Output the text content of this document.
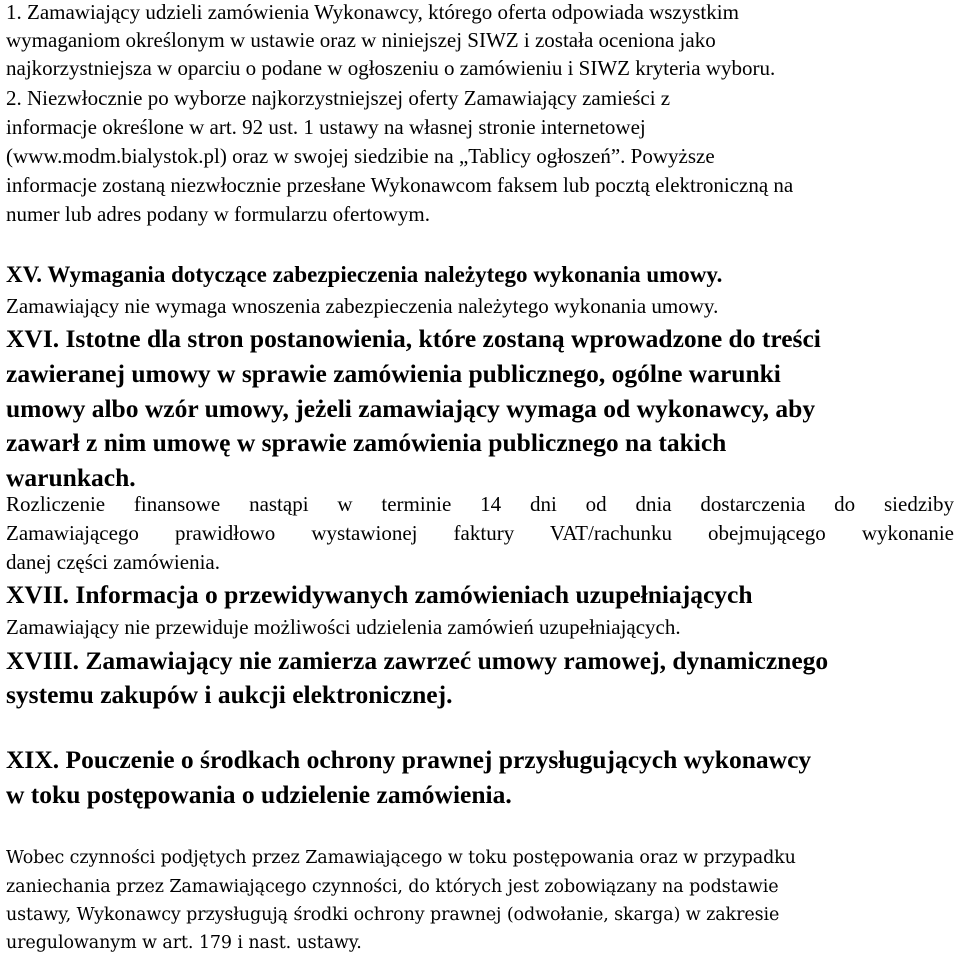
1. Zamawiający udzieli zamówienia Wykonawcy, którego oferta odpowiada wszystkim
wymaganiom określonym w ustawie oraz w niniejszej SIWZ i została oceniona jako
najkorzystniejsza w oparciu o podane w ogłoszeniu o zamówieniu i SIWZ kryteria wyboru.
2. Niezwłocznie po wyborze najkorzystniejszej oferty Zamawiający zamieści z
informacje określone w art. 92 ust. 1 ustawy na własnej stronie internetowej
(www.modm.bialystok.pl) oraz w swojej siedzibie na „Tablicy ogłoszeń”. Powyższe
informacje zostaną niezwłocznie przesłane Wykonawcom faksem lub pocztą elektroniczną na
numer lub adres podany w formularzu ofertowym.
XV. Wymagania dotyczące zabezpieczenia należytego wykonania umowy.
Zamawiający nie wymaga wnoszenia zabezpieczenia należytego wykonania umowy.
XVI. Istotne dla stron postanowienia, które zostaną wprowadzone do treści
zawieranej umowy w sprawie zamówienia publicznego, ogólne warunki
umowy albo wzór umowy, jeżeli zamawiający wymaga od wykonawcy, aby
zawarł z nim umowę w sprawie zamówienia publicznego na takich
warunkach.
Rozliczenie finansowe nastąpi w terminie 14 dni od dnia dostarczenia do siedziby
Zamawiającego prawidłowo wystawionej faktury VAT/rachunku obejmującego wykonanie
danej części zamówienia.
XVII. Informacja o przewidywanych zamówieniach uzupełniających
Zamawiający nie przewiduje możliwości udzielenia zamówień uzupełniających.
XVIII. Zamawiający nie zamierza zawrzeć umowy ramowej, dynamicznego
systemu zakupów i aukcji elektronicznej.
XIX. Pouczenie o środkach ochrony prawnej przysługujących wykonawcy
w toku postępowania o udzielenie zamówienia.
Wobec czynności podjętych przez Zamawiającego w toku postępowania oraz w przypadku
zaniechania przez Zamawiającego czynności, do których jest zobowiązany na podstawie
ustawy, Wykonawcy przysługują środki ochrony prawnej (odwołanie, skarga) w zakresie
uregulowanym w art. 179 i nast. ustawy.
